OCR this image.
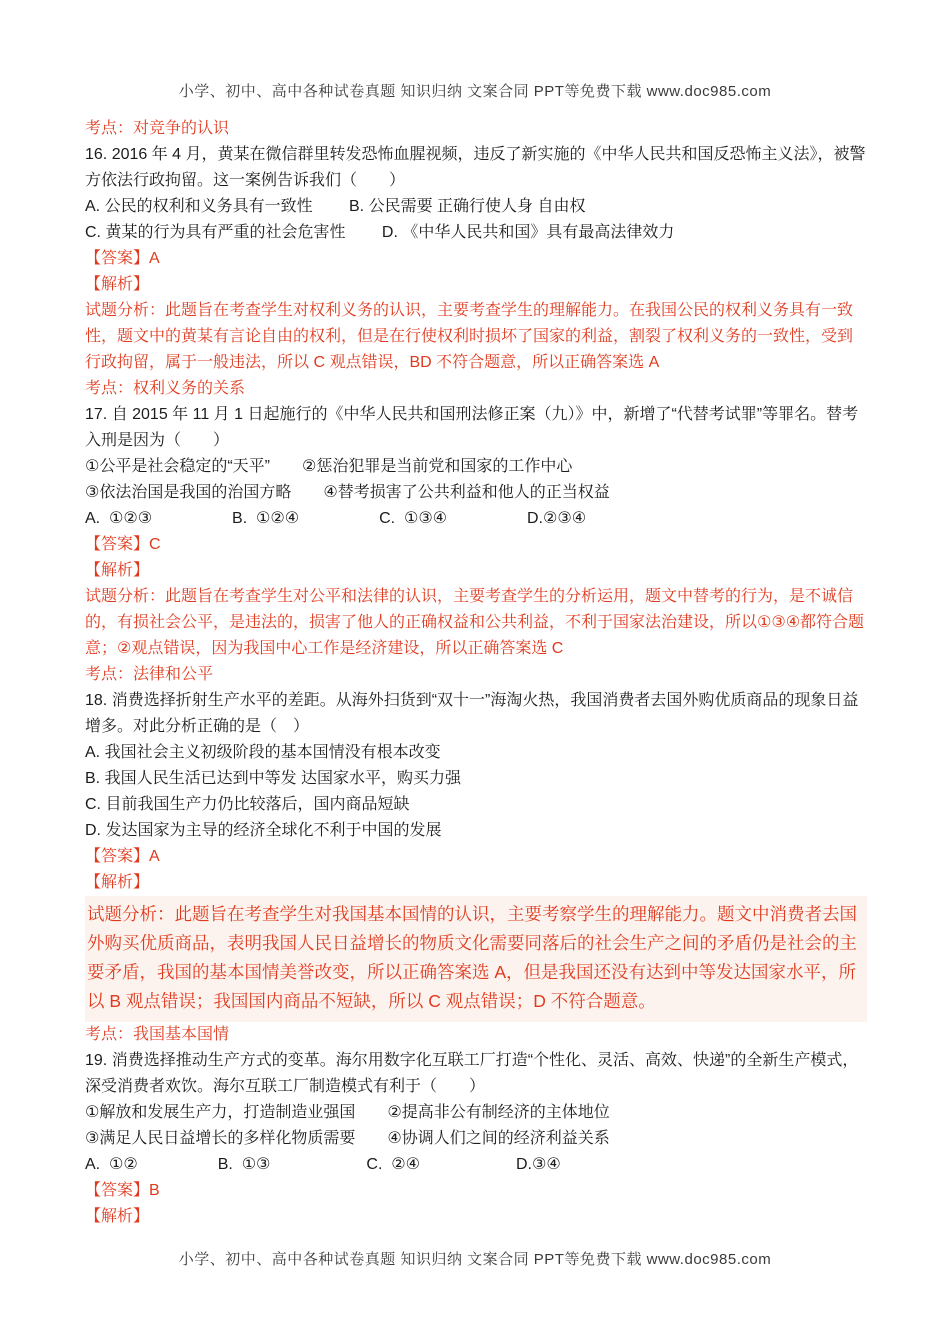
小学、初中、高中各种试卷真题 知识归纳 文案合同 PPT等免费下载 www.doc985.com

考点：对竞争的认识

16. 2016 年 4 月，黄某在微信群里转发恐怖血腥视频，违反了新实施的《中华人民共和国反恐怖主义法》，被警方依法行政拘留。这一案例告诉我们（　　）

A. 公民的权利和义务具有一致性　　 B. 公民需要 正确行使人身 自由权

C. 黄某的行为具有严重的社会危害性　　 D. 《中华人民共和国》具有最高法律效力

【答案】A

【解析】

试题分析：此题旨在考查学生对权利义务的认识，主要考查学生的理解能力。在我国公民的权利义务具有一致性，题文中的黄某有言论自由的权利，但是在行使权利时损坏了国家的利益，割裂了权利义务的一致性，受到行政拘留，属于一般违法，所以 C 观点错误，BD 不符合题意，所以正确答案选 A

考点：权利义务的关系

17. 自 2015 年 11 月 1 日起施行的《中华人民共和国刑法修正案（九）》中，新增了“代替考试罪”等罪名。替考入刑是因为（　　）

①公平是社会稳定的“天平”　　②惩治犯罪是当前党和国家的工作中心

③依法治国是我国的治国方略　　④替考损害了公共利益和他人的正当权益

A.  ①②③　　　　　B.  ①②④　　　　　C.  ①③④　　　　　D.②③④

【答案】C

【解析】

试题分析：此题旨在考查学生对公平和法律的认识，主要考查学生的分析运用，题文中替考的行为，是不诚信的，有损社会公平，是违法的，损害了他人的正确权益和公共利益，不利于国家法治建设，所以①③④都符合题意；②观点错误，因为我国中心工作是经济建设，所以正确答案选 C

考点：法律和公平

18. 消费选择折射生产水平的差距。从海外扫货到“双十一”海淘火热，我国消费者去国外购优质商品的现象日益增多。对此分析正确的是（　）

A. 我国社会主义初级阶段的基本国情没有根本改变

B. 我国人民生活已达到中等发 达国家水平，购买力强

C. 目前我国生产力仍比较落后，国内商品短缺

D. 发达国家为主导的经济全球化不利于中国的发展

【答案】A

【解析】

试题分析：此题旨在考查学生对我国基本国情的认识，主要考察学生的理解能力。题文中消费者去国外购买优质商品，表明我国人民日益增长的物质文化需要同落后的社会生产之间的矛盾仍是社会的主要矛盾，我国的基本国情美誉改变，所以正确答案选 A，但是我国还没有达到中等发达国家水平，所以 B 观点错误；我国国内商品不短缺，所以 C 观点错误；D 不符合题意。

考点：我国基本国情

19. 消费选择推动生产方式的变革。海尔用数字化互联工厂打造“个性化、灵活、高效、快递”的全新生产模式，深受消费者欢饮。海尔互联工厂制造模式有利于（　　）

①解放和发展生产力，打造制造业强国　　②提高非公有制经济的主体地位

③满足人民日益增长的多样化物质需要　　④协调人们之间的经济利益关系

A.  ①②　　　　　B.  ①③　　　　　　C.  ②④　　　　　　D.③④

【答案】B

【解析】

小学、初中、高中各种试卷真题 知识归纳 文案合同 PPT等免费下载 www.doc985.com
